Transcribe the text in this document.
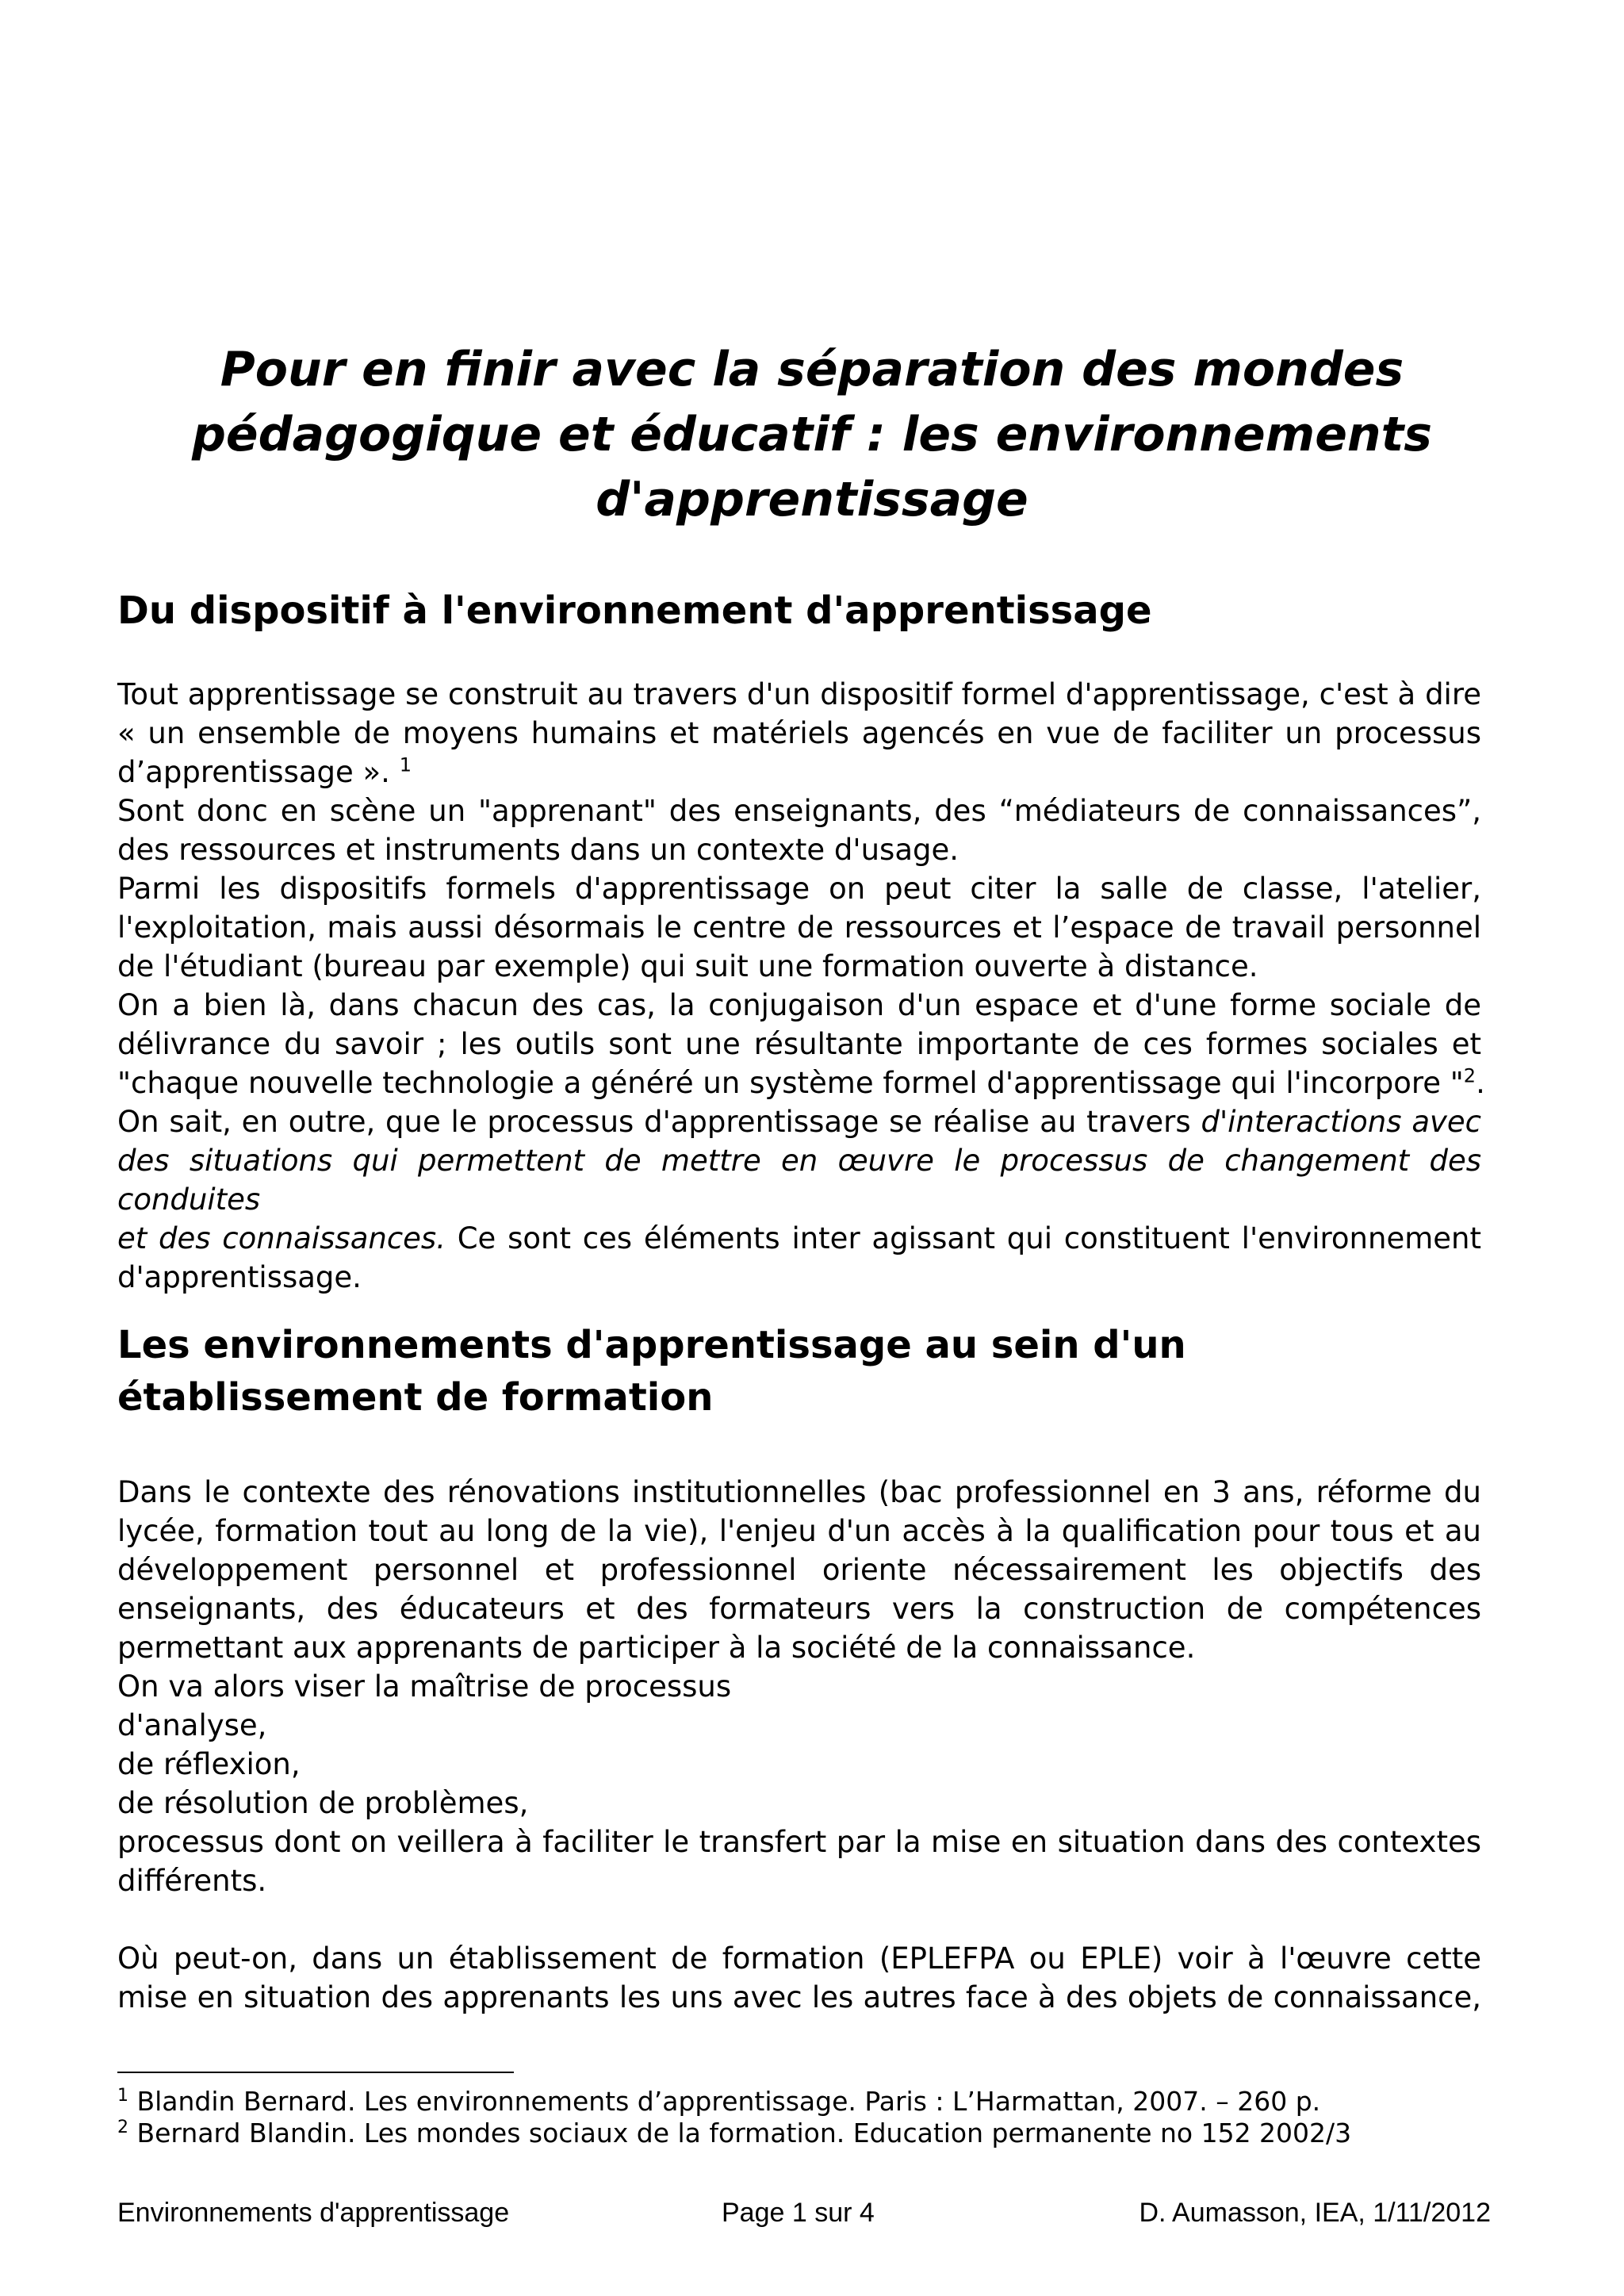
Pour en finir avec la séparation des mondes
pédagogique et éducatif : les environnements
d'apprentissage
Du dispositif à l'environnement d'apprentissage

Tout apprentissage se construit au travers d'un dispositif formel d'apprentissage, c'est à dire
« un ensemble de moyens humains et matériels agencés en vue de faciliter un processus
d’apprentissage ». $^1$

Sont donc en scène un "apprenant" des enseignants, des “médiateurs de connaissances”,
des ressources et instruments dans un contexte d'usage.

Parmi les dispositifs formels d'apprentissage on peut citer la salle de classe, l'atelier,
l'exploitation, mais aussi désormais le centre de ressources et l’espace de travail personnel
de l'étudiant (bureau par exemple) qui suit une formation ouverte à distance.

On a bien là, dans chacun des cas, la conjugaison d'un espace et d'une forme sociale de
délivrance du savoir ; les outils sont une résultante importante de ces formes sociales et
"chaque nouvelle technologie a généré un système formel d'apprentissage qui l'incorpore "$^2$.

On sait, en outre, que le processus d'apprentissage se réalise au travers d'interactions avec
des situations qui permettent de mettre en œuvre le processus de changement des conduites
et des connaissances. Ce sont ces éléments inter agissant qui constituent l'environnement
d'apprentissage.

Les environnements d'apprentissage au sein d'un
établissement de formation

Dans le contexte des rénovations institutionnelles (bac professionnel en 3 ans, réforme du
lycée, formation tout au long de la vie), l'enjeu d'un accès à la qualification pour tous et au
développement personnel et professionnel oriente nécessairement les objectifs des
enseignants, des éducateurs et des formateurs vers la construction de compétences
permettant aux apprenants de participer à la société de la connaissance.

On va alors viser la maîtrise de processus
d'analyse,
de réflexion,
de résolution de problèmes,
processus dont on veillera à faciliter le transfert par la mise en situation dans des contextes
différents.

Où peut-on, dans un établissement de formation (EPLEFPA ou EPLE) voir à l'œuvre cette
mise en situation des apprenants les uns avec les autres face à des objets de connaissance,

$^1$ Blandin Bernard. Les environnements d’apprentissage. Paris : L’Harmattan, 2007. – 260 p.
$^2$ Bernard Blandin. Les mondes sociaux de la formation. Education permanente no 152 2002/3
Environnements d'apprentissage	Page 1 sur 4	D. Aumasson, IEA, 1/11/2012
